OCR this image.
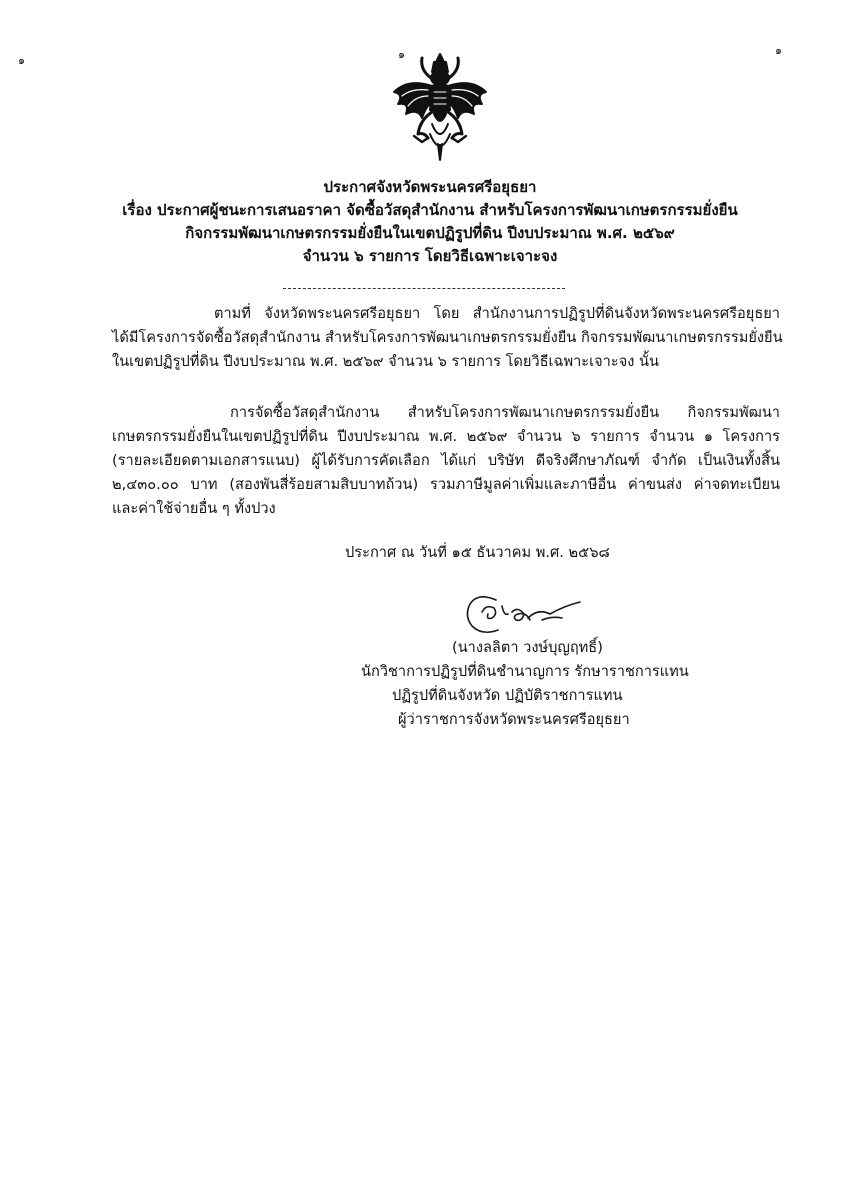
๑	๑	๑
ประกาศจังหวัดพระนครศรีอยุธยา
เรื่อง ประกาศผู้ชนะการเสนอราคา จัดซื้อวัสดุสำนักงาน สำหรับโครงการพัฒนาเกษตรกรรมยั่งยืน
กิจกรรมพัฒนาเกษตรกรรมยั่งยืนในเขตปฏิรูปที่ดิน ปีงบประมาณ พ.ศ. ๒๕๖๙
จำนวน ๖ รายการ โดยวิธีเฉพาะเจาะจง
ตามที่ จังหวัดพระนครศรีอยุธยา โดย สำนักงานการปฏิรูปที่ดินจังหวัดพระนครศรีอยุธยา
ได้มีโครงการจัดซื้อวัสดุสำนักงาน สำหรับโครงการพัฒนาเกษตรกรรมยั่งยืน กิจกรรมพัฒนาเกษตรกรรมยั่งยืน
ในเขตปฏิรูปที่ดิน ปีงบประมาณ พ.ศ. ๒๕๖๙ จำนวน ๖ รายการ โดยวิธีเฉพาะเจาะจง นั้น
การจัดซื้อวัสดุสำนักงาน สำหรับโครงการพัฒนาเกษตรกรรมยั่งยืน กิจกรรมพัฒนา
เกษตรกรรมยั่งยืนในเขตปฏิรูปที่ดิน ปีงบประมาณ พ.ศ. ๒๕๖๙ จำนวน ๖ รายการ จำนวน ๑ โครงการ
(รายละเอียดตามเอกสารแนบ) ผู้ได้รับการคัดเลือก ได้แก่ บริษัท ดีจริงศึกษาภัณฑ์ จำกัด เป็นเงินทั้งสิ้น
๒,๔๓๐.๐๐ บาท (สองพันสี่ร้อยสามสิบบาทถ้วน) รวมภาษีมูลค่าเพิ่มและภาษีอื่น ค่าขนส่ง ค่าจดทะเบียน
และค่าใช้จ่ายอื่น ๆ ทั้งปวง
ประกาศ ณ วันที่ ๑๕ ธันวาคม พ.ศ. ๒๕๖๘
(นางลลิตา วงษ์บุญฤทธิ์)
นักวิชาการปฏิรูปที่ดินชำนาญการ รักษาราชการแทน
ปฏิรูปที่ดินจังหวัด ปฏิบัติราชการแทน
ผู้ว่าราชการจังหวัดพระนครศรีอยุธยา
